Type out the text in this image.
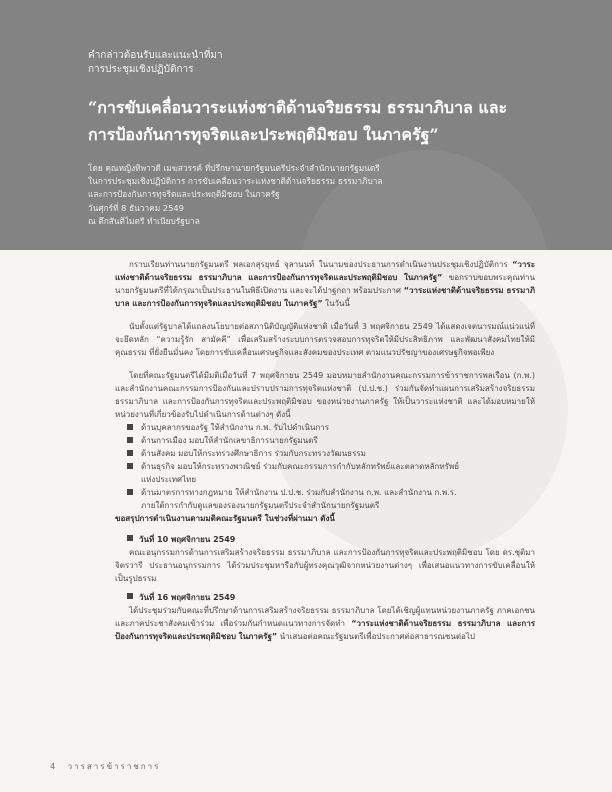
คำกล่าวต้อนรับและแนะนำที่มา
การประชุมเชิงปฏิบัติการ
“การขับเคลื่อนวาระแห่งชาติด้านจริยธรรม ธรรมาภิบาล และการป้องกันการทุจริตและประพฤติมิชอบ ในภาครัฐ”
โดย คุณหญิงทิพาวดี เมฆสวรรค์ ที่ปรึกษานายกรัฐมนตรีประจำสำนักนายกรัฐมนตรี
ในการประชุมเชิงปฏิบัติการ การขับเคลื่อนวาระแห่งชาติด้านจริยธรรม ธรรมาภิบาล
และการป้องกันการทุจริตและประพฤติมิชอบ ในภาครัฐ
วันศุกร์ที่ 8 ธันวาคม 2549
ณ ตึกสันติไมตรี ทำเนียบรัฐบาล

กราบเรียนท่านนายกรัฐมนตรี พลเอกสุรยุทธ์ จุลานนท์ ในนามของประธานการดำเนินงานประชุมเชิงปฏิบัติการ “วาระแห่งชาติด้านจริยธรรม ธรรมาภิบาล และการป้องกันการทุจริตและประพฤติมิชอบ ในภาครัฐ” ขอกราบขอบพระคุณท่านนายกรัฐมนตรีที่ได้กรุณาเป็นประธานในพิธีเปิดงาน และจะได้ปาฐกถา พร้อมประกาศ “วาระแห่งชาติด้านจริยธรรม ธรรมาภิบาล และการป้องกันการทุจริตและประพฤติมิชอบ ในภาครัฐ” ในวันนี้

นับตั้งแต่รัฐบาลได้แถลงนโยบายต่อสภานิติบัญญัติแห่งชาติ เมื่อวันที่ 3 พฤศจิกายน 2549 ได้แสดงเจตนารมณ์แน่วแน่ที่จะยึดหลัก “ความรู้รัก สามัคคี” เพื่อเสริมสร้างระบบการตรวจสอบการทุจริตให้มีประสิทธิภาพ และพัฒนาสังคมไทยให้มีคุณธรรม ที่ยั่งยืนมั่นคง โดยการขับเคลื่อนเศรษฐกิจและสังคมของประเทศ ตามแนวปรัชญาของเศรษฐกิจพอเพียง

โดยที่คณะรัฐมนตรีได้มีมติเมื่อวันที่ 7 พฤศจิกายน 2549 มอบหมายสำนักงานคณะกรรมการข้าราชการพลเรือน (ก.พ.) และสำนักงานคณะกรรมการป้องกันและปราบปรามการทุจริตแห่งชาติ (ป.ป.ช.) ร่วมกันจัดทำแผนการเสริมสร้างจริยธรรม ธรรมาภิบาล และการป้องกันการทุจริตและประพฤติมิชอบ ของหน่วยงานภาครัฐ ให้เป็นวาระแห่งชาติ และได้มอบหมายให้หน่วยงานที่เกี่ยวข้องรับไปดำเนินการด้านต่างๆ ดังนี้

ด้านบุคลากรของรัฐ ให้สำนักงาน ก.พ. รับไปดำเนินการ
ด้านการเมือง มอบให้สำนักเลขาธิการนายกรัฐมนตรี
ด้านสังคม มอบให้กระทรวงศึกษาธิการ ร่วมกับกระทรวงวัฒนธรรม
ด้านธุรกิจ มอบให้กระทรวงพาณิชย์ ร่วมกับคณะกรรมการกำกับหลักทรัพย์และตลาดหลักทรัพย์
แห่งประเทศไทย
ด้านมาตรการทางกฎหมาย ให้สำนักงาน ป.ป.ช. ร่วมกับสำนักงาน ก.พ. และสำนักงาน ก.พ.ร.
ภายใต้การกำกับดูแลของรองนายกรัฐมนตรีประจำสำนักนายกรัฐมนตรี
ขอสรุปการดำเนินงานตามมติคณะรัฐมนตรี ในช่วงที่ผ่านมา ดังนี้
วันที่ 10 พฤศจิกายน 2549
คณะอนุกรรมการด้านการเสริมสร้างจริยธรรม ธรรมาภิบาล และการป้องกันการทุจริตและประพฤติมิชอบ โดย ดร.ชุติมา จิตรวารี ประธานอนุกรรมการ ได้ร่วมประชุมหารือกับผู้ทรงคุณวุฒิจากหน่วยงานต่างๆ เพื่อเสนอแนวทางการขับเคลื่อนให้เป็นรูปธรรม
วันที่ 16 พฤศจิกายน 2549
ได้ประชุมร่วมกับคณะที่ปรึกษาด้านการเสริมสร้างจริยธรรม ธรรมาภิบาล โดยได้เชิญผู้แทนหน่วยงานภาครัฐ ภาคเอกชน และภาคประชาสังคมเข้าร่วม เพื่อร่วมกันกำหนดแนวทางการจัดทำ “วาระแห่งชาติด้านจริยธรรม ธรรมาภิบาล และการป้องกันการทุจริตและประพฤติมิชอบ ในภาครัฐ” นำเสนอต่อคณะรัฐมนตรีเพื่อประกาศต่อสาธารณชนต่อไป
4 วารสารข้าราชการ
